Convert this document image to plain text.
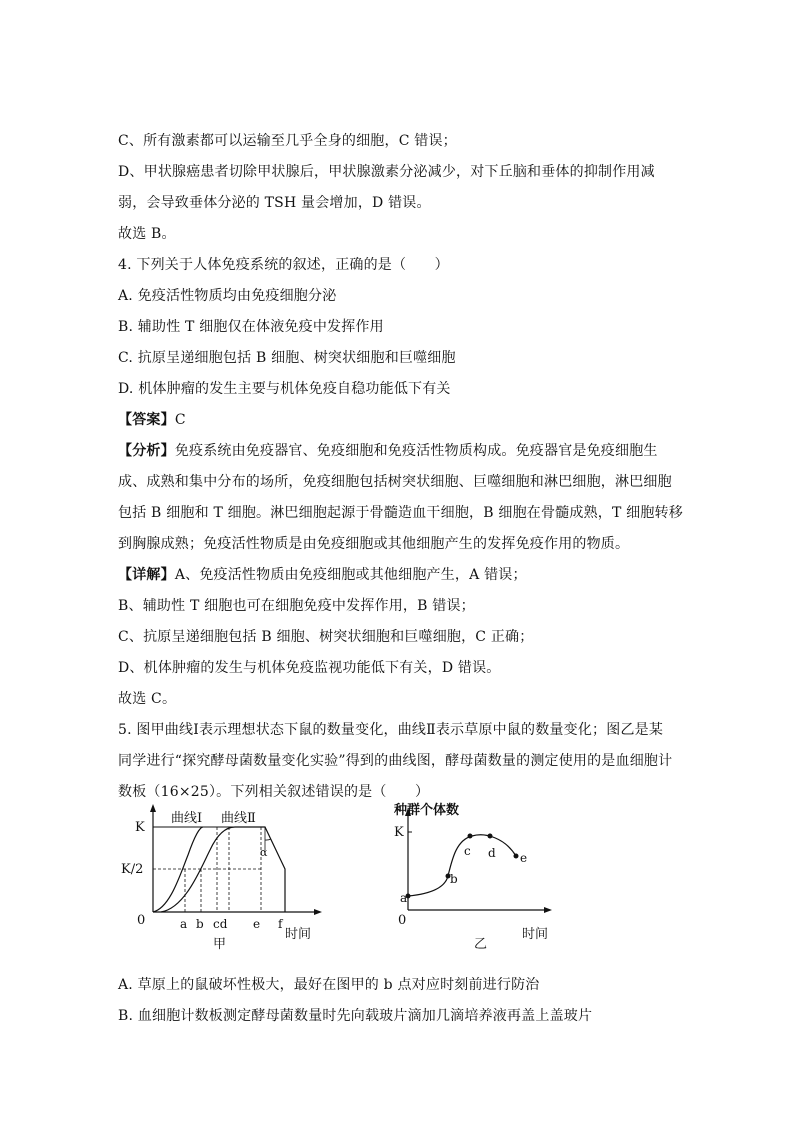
C、所有激素都可以运输至几乎全身的细胞，C 错误；
D、甲状腺癌患者切除甲状腺后，甲状腺激素分泌减少，对下丘脑和垂体的抑制作用减
弱，会导致垂体分泌的 TSH 量会增加，D 错误。
故选 B。
4. 下列关于人体免疫系统的叙述，正确的是（　　）
A. 免疫活性物质均由免疫细胞分泌
B. 辅助性 T 细胞仅在体液免疫中发挥作用
C. 抗原呈递细胞包括 B 细胞、树突状细胞和巨噬细胞
D. 机体肿瘤的发生主要与机体免疫自稳功能低下有关
【答案】C
【分析】免疫系统由免疫器官、免疫细胞和免疫活性物质构成。免疫器官是免疫细胞生
成、成熟和集中分布的场所，免疫细胞包括树突状细胞、巨噬细胞和淋巴细胞，淋巴细胞
包括 B 细胞和 T 细胞。淋巴细胞起源于骨髓造血干细胞，B 细胞在骨髓成熟，T 细胞转移
到胸腺成熟；免疫活性物质是由免疫细胞或其他细胞产生的发挥免疫作用的物质。
【详解】A、免疫活性物质由免疫细胞或其他细胞产生，A 错误；
B、辅助性 T 细胞也可在细胞免疫中发挥作用，B 错误；
C、抗原呈递细胞包括 B 细胞、树突状细胞和巨噬细胞，C 正确；
D、机体肿瘤的发生与机体免疫监视功能低下有关，D 错误。
故选 C。
5. 图甲曲线Ⅰ表示理想状态下鼠的数量变化，曲线Ⅱ表示草原中鼠的数量变化；图乙是某
同学进行“探究酵母菌数量变化实验”得到的曲线图，酵母菌数量的测定使用的是血细胞计
数板（16×25）。下列相关叙述错误的是（　　）
曲线Ⅰ 曲线Ⅱ
K
K/2
0	a b cd e f
α
时间
甲
种群个体数
K
0
a
b
c d e
时间
乙
A. 草原上的鼠破坏性极大，最好在图甲的 b 点对应时刻前进行防治
B. 血细胞计数板测定酵母菌数量时先向载玻片滴加几滴培养液再盖上盖玻片
